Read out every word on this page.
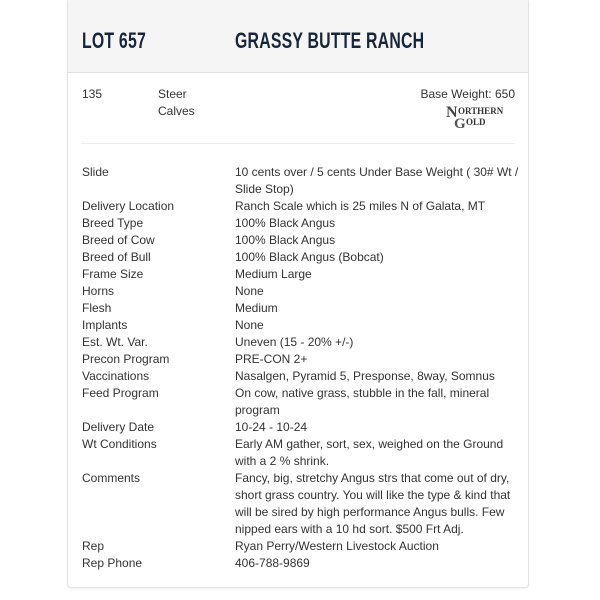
LOT 657	GRASSY BUTTE RANCH
135	Steer Calves
Base Weight: 650
N ORTHERN
G OLD
Slide	10 cents over / 5 cents Under Base Weight ( 30# Wt / Slide Stop)
Delivery Location	Ranch Scale which is 25 miles N of Galata, MT
Breed Type	100% Black Angus
Breed of Cow	100% Black Angus
Breed of Bull	100% Black Angus (Bobcat)
Frame Size	Medium Large
Horns	None
Flesh	Medium
Implants	None
Est. Wt. Var.	Uneven (15 - 20% +/-)
Precon Program	PRE-CON 2+
Vaccinations	Nasalgen, Pyramid 5, Presponse, 8way, Somnus
Feed Program	On cow, native grass, stubble in the fall, mineral program
Delivery Date	10-24 - 10-24
Wt Conditions	Early AM gather, sort, sex, weighed on the Ground with a 2 % shrink.
Comments	Fancy, big, stretchy Angus strs that come out of dry, short grass country. You will like the type & kind that will be sired by high performance Angus bulls. Few nipped ears with a 10 hd sort. $500 Frt Adj.
Rep	Ryan Perry/Western Livestock Auction
Rep Phone	406-788-9869
